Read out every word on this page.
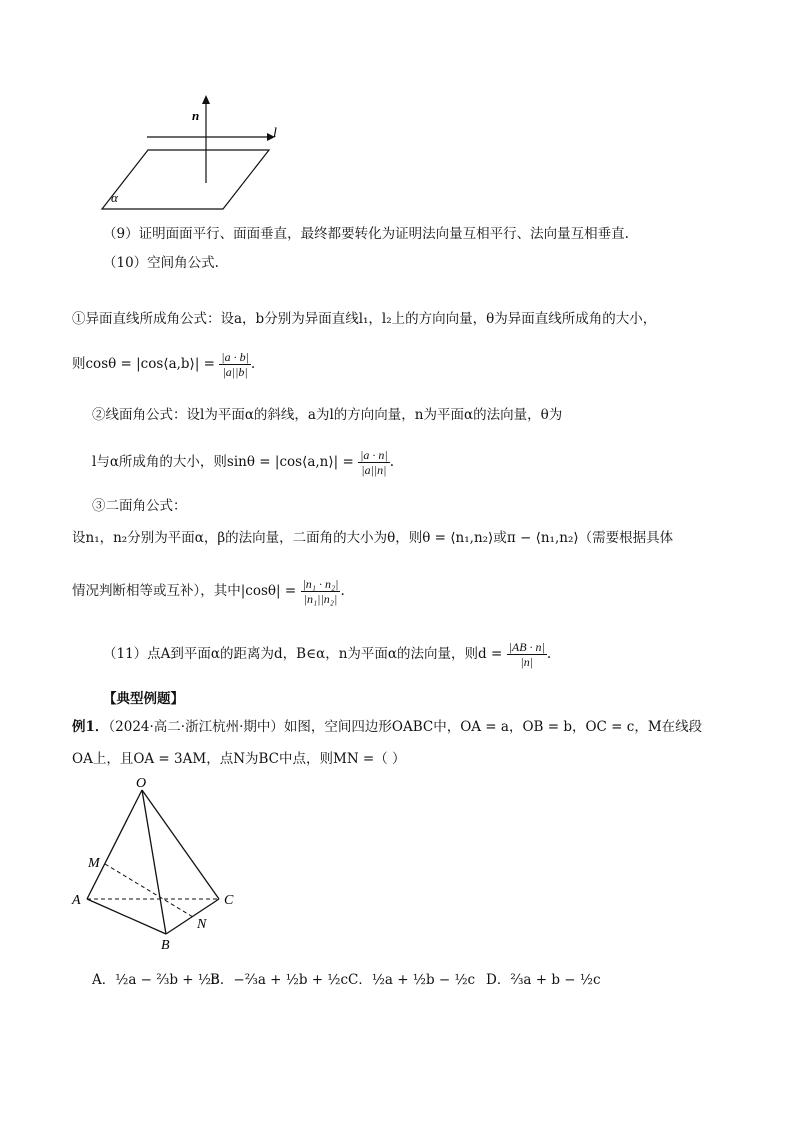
n
l
α
（9）证明面面平行、面面垂直，最终都要转化为证明法向量互相平行、法向量互相垂直.
（10）空间角公式.
①异面直线所成角公式：设a，b分别为异面直线l₁，l₂上的方向向量，θ为异面直线所成角的大小，
则cosθ = |cos⟨a,b⟩| = $\frac{|a \cdot b|}{|a||b|}$ .
②线面角公式：设l为平面α的斜线，a为l的方向向量，n为平面α的法向量，θ为
l与α所成角的大小，则sinθ = |cos⟨a,n⟩| = $\frac{|a \cdot n|}{|a||n|}$ .
③二面角公式：
设n₁，n₂分别为平面α，β的法向量，二面角的大小为θ，则θ = ⟨n₁,n₂⟩或π − ⟨n₁,n₂⟩（需要根据具体
情况判断相等或互补），其中$|\cos\theta| = \frac{\text{|n₁ · n₂|}}{\text{|n₁||n₂|}}$ .
（11）点A到平面α的距离为d，B∈α，n为平面α的法向量，则$d = \frac{|AB \cdot n|}{|n|}$ .
【典型例题】
例1．（2024·高二·浙江杭州·期中）如图，空间四边形OABC中，OA = a，OB = b，OC = c，M在线段
OA上，且OA = 3AM，点N为BC中点，则MN =（ ）
O
M
A	C
N
B
A．½a − ⅔b + ½c
B．−⅔a + ½b + ½c C．½a + ½b − ½c D．⅔a + b − ½c
